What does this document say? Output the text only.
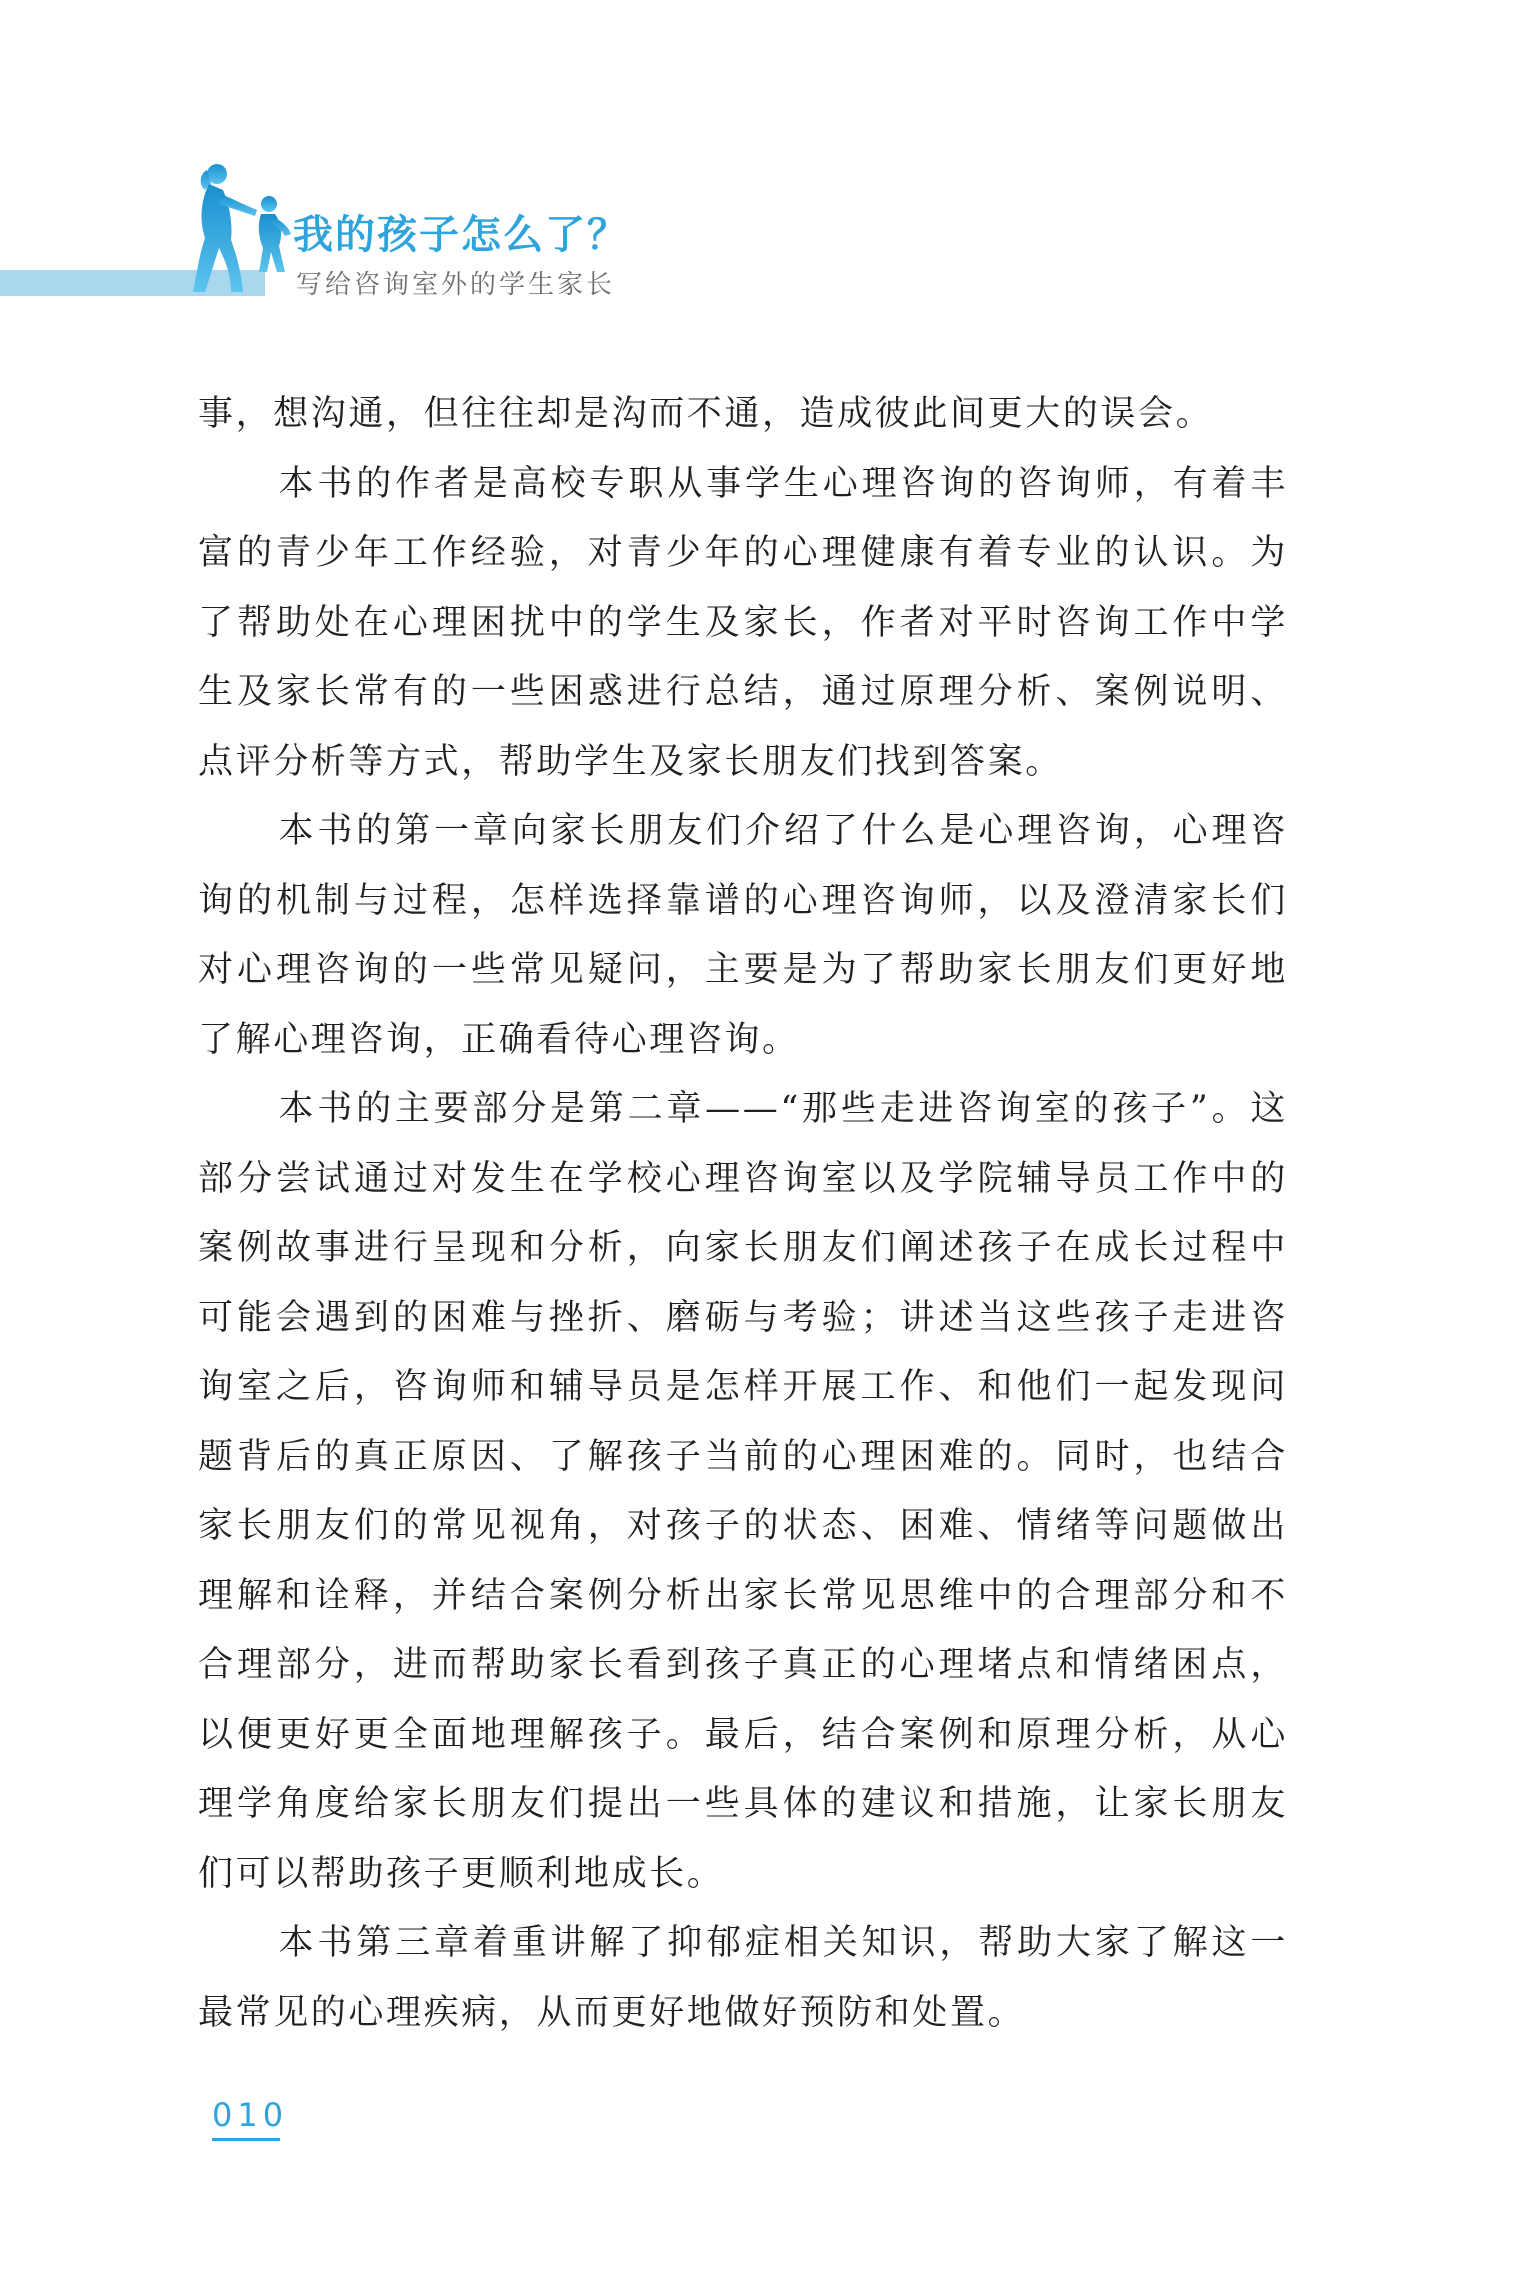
我的孩子怎么了？
写给咨询室外的学生家长

事，想沟通，但往往却是沟而不通，造成彼此间更大的误会。

本书的作者是高校专职从事学生心理咨询的咨询师，有着丰富的青少年工作经验，对青少年的心理健康有着专业的认识。为了帮助处在心理困扰中的学生及家长，作者对平时咨询工作中学生及家长常有的一些困惑进行总结，通过原理分析、案例说明、点评分析等方式，帮助学生及家长朋友们找到答案。

本书的第一章向家长朋友们介绍了什么是心理咨询，心理咨询的机制与过程，怎样选择靠谱的心理咨询师，以及澄清家长们对心理咨询的一些常见疑问，主要是为了帮助家长朋友们更好地了解心理咨询，正确看待心理咨询。

本书的主要部分是第二章——“那些走进咨询室的孩子”。这部分尝试通过对发生在学校心理咨询室以及学院辅导员工作中的案例故事进行呈现和分析，向家长朋友们阐述孩子在成长过程中可能会遇到的困难与挫折、磨砺与考验；讲述当这些孩子走进咨询室之后，咨询师和辅导员是怎样开展工作、和他们一起发现问题背后的真正原因、了解孩子当前的心理困难的。同时，也结合家长朋友们的常见视角，对孩子的状态、困难、情绪等问题做出理解和诠释，并结合案例分析出家长常见思维中的合理部分和不合理部分，进而帮助家长看到孩子真正的心理堵点和情绪困点，以便更好更全面地理解孩子。最后，结合案例和原理分析，从心理学角度给家长朋友们提出一些具体的建议和措施，让家长朋友们可以帮助孩子更顺利地成长。

本书第三章着重讲解了抑郁症相关知识，帮助大家了解这一最常见的心理疾病，从而更好地做好预防和处置。

010
